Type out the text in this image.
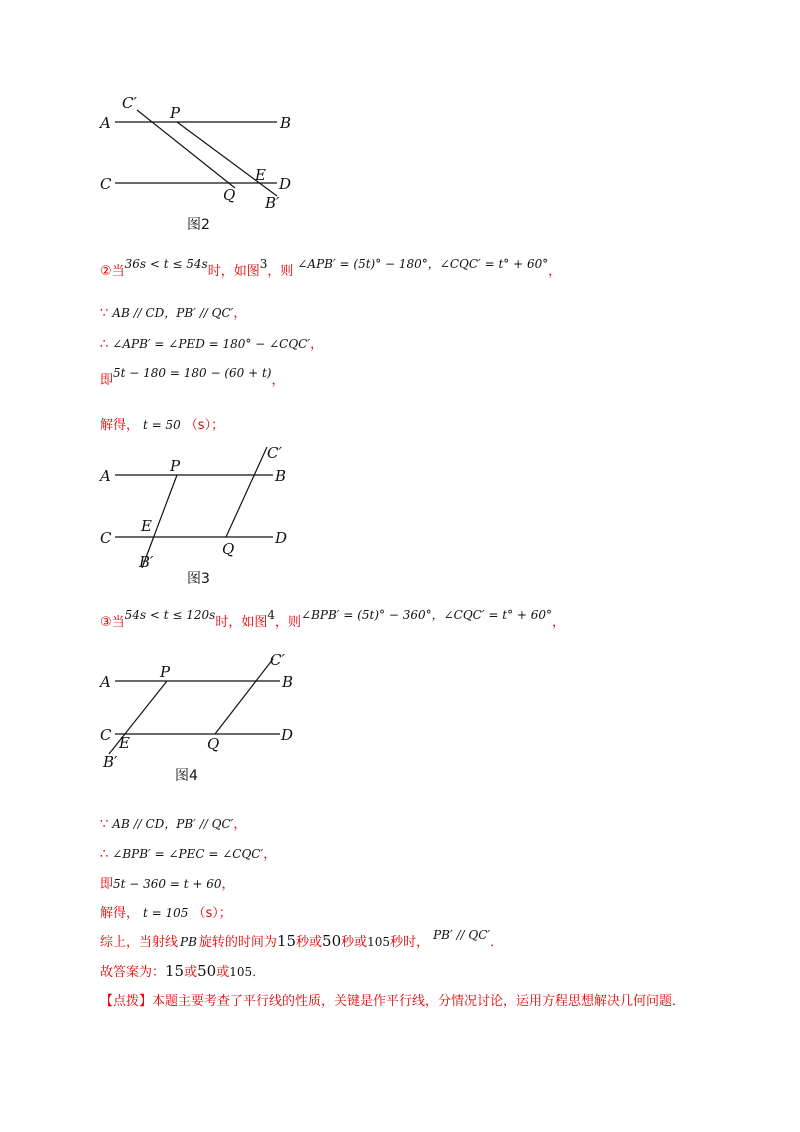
A	B
C	D
C′
P
Q
E
B′
图2
②当36s < t ≤ 54s时，如图3，则 ∠APB′ = (5t)° − 180°，∠CQC′ = t° + 60°，
∵ AB // CD，PB′ // QC′，
∴ ∠APB′ = ∠PED = 180° − ∠CQC′，
即5t − 180 = 180 − (60 + t)，
解得， t = 50 （s）；
A	B
C	D
P
E
Q
C′
B′
图3
③当54s < t ≤ 120s时，如图4，则∠BPB′ = (5t)° − 360°，∠CQC′ = t° + 60°，
A	B
C	D
P
E	Q
C′
B′
图4
∵ AB // CD，PB′ // QC′，
∴ ∠BPB′ = ∠PEC = ∠CQC′，
即5t − 360 = t + 60，
解得， t = 105 （s）；
综上，当射线 PB 旋转的时间为15秒或50秒或105秒时， PB′ // QC′．
故答案为：15或50或105．
【点拨】本题主要考查了平行线的性质，关键是作平行线，分情况讨论，运用方程思想解决几何问题．
